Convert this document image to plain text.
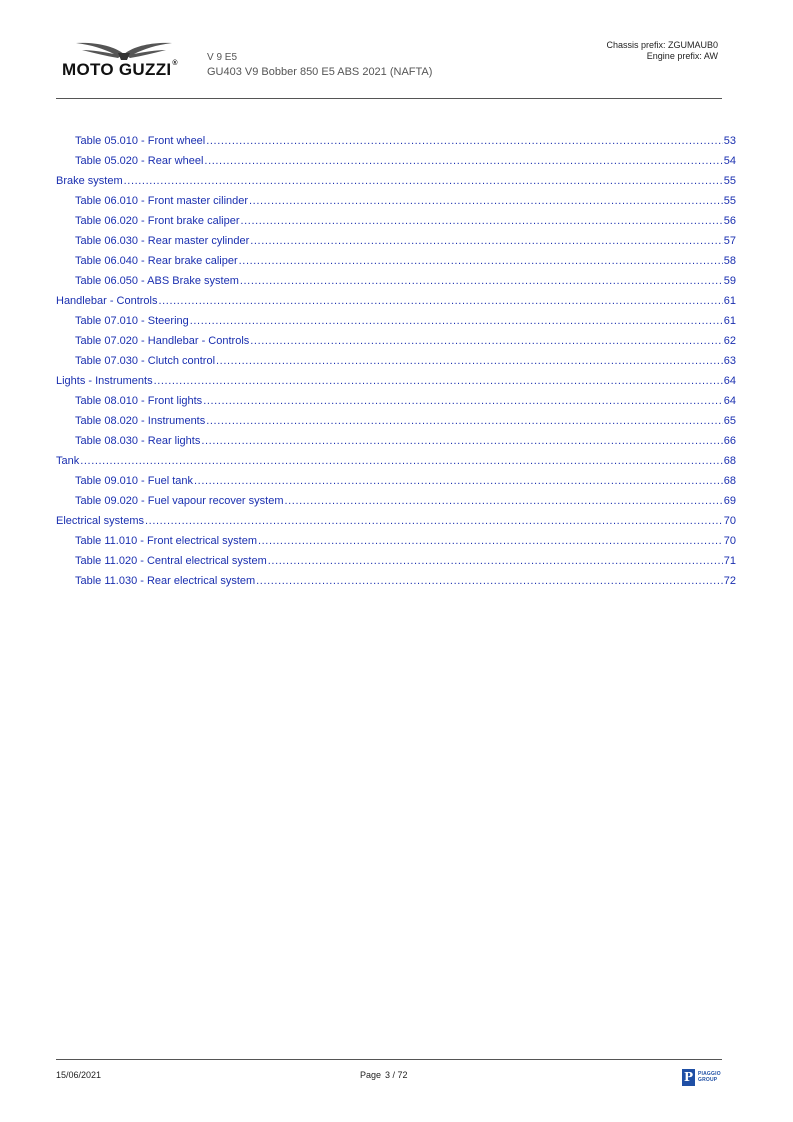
MOTO GUZZI®
V 9 E5
GU403 V9 Bobber 850 E5 ABS 2021 (NAFTA)
Chassis prefix: ZGUMAUB0
Engine prefix: AW
Table 05.010 - Front wheel .....	53
Table 05.020 - Rear wheel .....	54
Brake system .....	55
Table 06.010 - Front master cilinder .....	55
Table 06.020 - Front brake caliper .....	56
Table 06.030 - Rear master cylinder .....	57
Table 06.040 - Rear brake caliper .....	58
Table 06.050 - ABS Brake system .....	59
Handlebar - Controls .....	61
Table 07.010 - Steering .....	61
Table 07.020 - Handlebar - Controls .....	62
Table 07.030 - Clutch control .....	63
Lights - Instruments .....	64
Table 08.010 - Front lights .....	64
Table 08.020 - Instruments .....	65
Table 08.030 - Rear lights .....	66
Tank .....	68
Table 09.010 - Fuel tank .....	68
Table 09.020 - Fuel vapour recover system .....	69
Electrical systems .....	70
Table 11.010 - Front electrical system .....	70
Table 11.020 - Central electrical system .....	71
Table 11.030 - Rear electrical system .....	72
15/06/2021	Page 3 / 72	P PIAGGIO
GROUP
